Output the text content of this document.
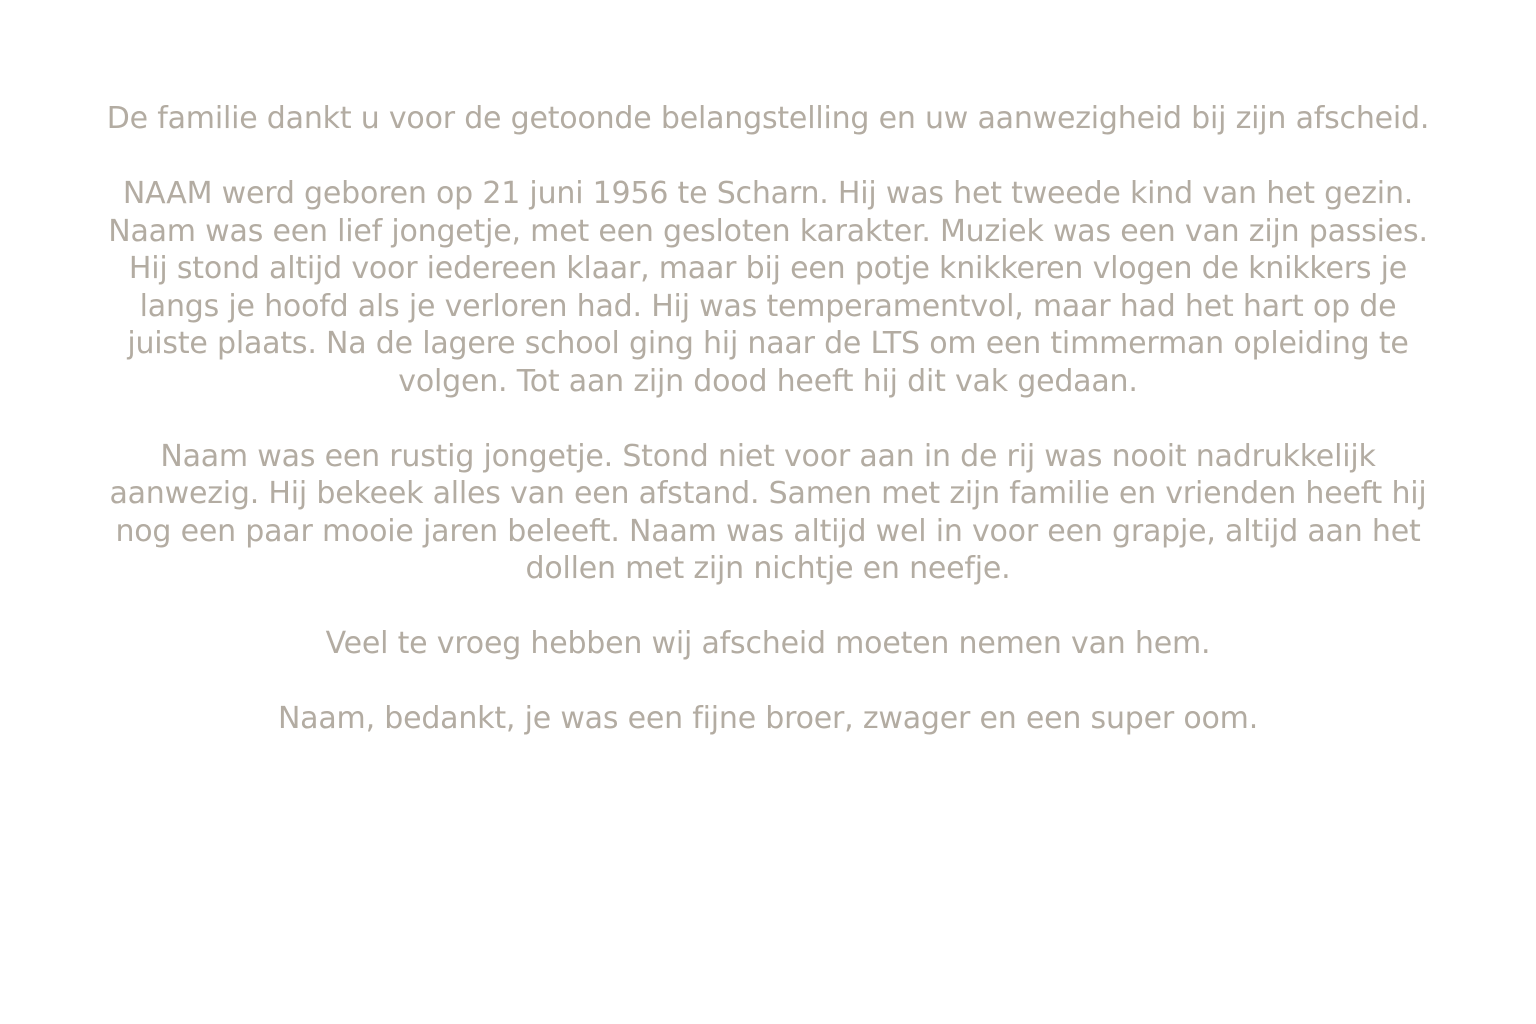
De familie dankt u voor de getoonde belangstelling en uw aanwezigheid bij zijn afscheid.

NAAM werd geboren op 21 juni 1956 te Scharn. Hij was het tweede kind van het gezin. Naam was een lief jongetje, met een gesloten karakter. Muziek was een van zijn passies. Hij stond altijd voor iedereen klaar, maar bij een potje knikkeren vlogen de knikkers je langs je hoofd als je verloren had. Hij was temperamentvol, maar had het hart op de juiste plaats. Na de lagere school ging hij naar de LTS om een timmerman opleiding te volgen. Tot aan zijn dood heeft hij dit vak gedaan.

Naam was een rustig jongetje. Stond niet voor aan in de rij was nooit nadrukkelijk aanwezig. Hij bekeek alles van een afstand. Samen met zijn familie en vrienden heeft hij nog een paar mooie jaren beleeft. Naam was altijd wel in voor een grapje, altijd aan het dollen met zijn nichtje en neefje.

Veel te vroeg hebben wij afscheid moeten nemen van hem.

Naam, bedankt, je was een fijne broer, zwager en een super oom.
